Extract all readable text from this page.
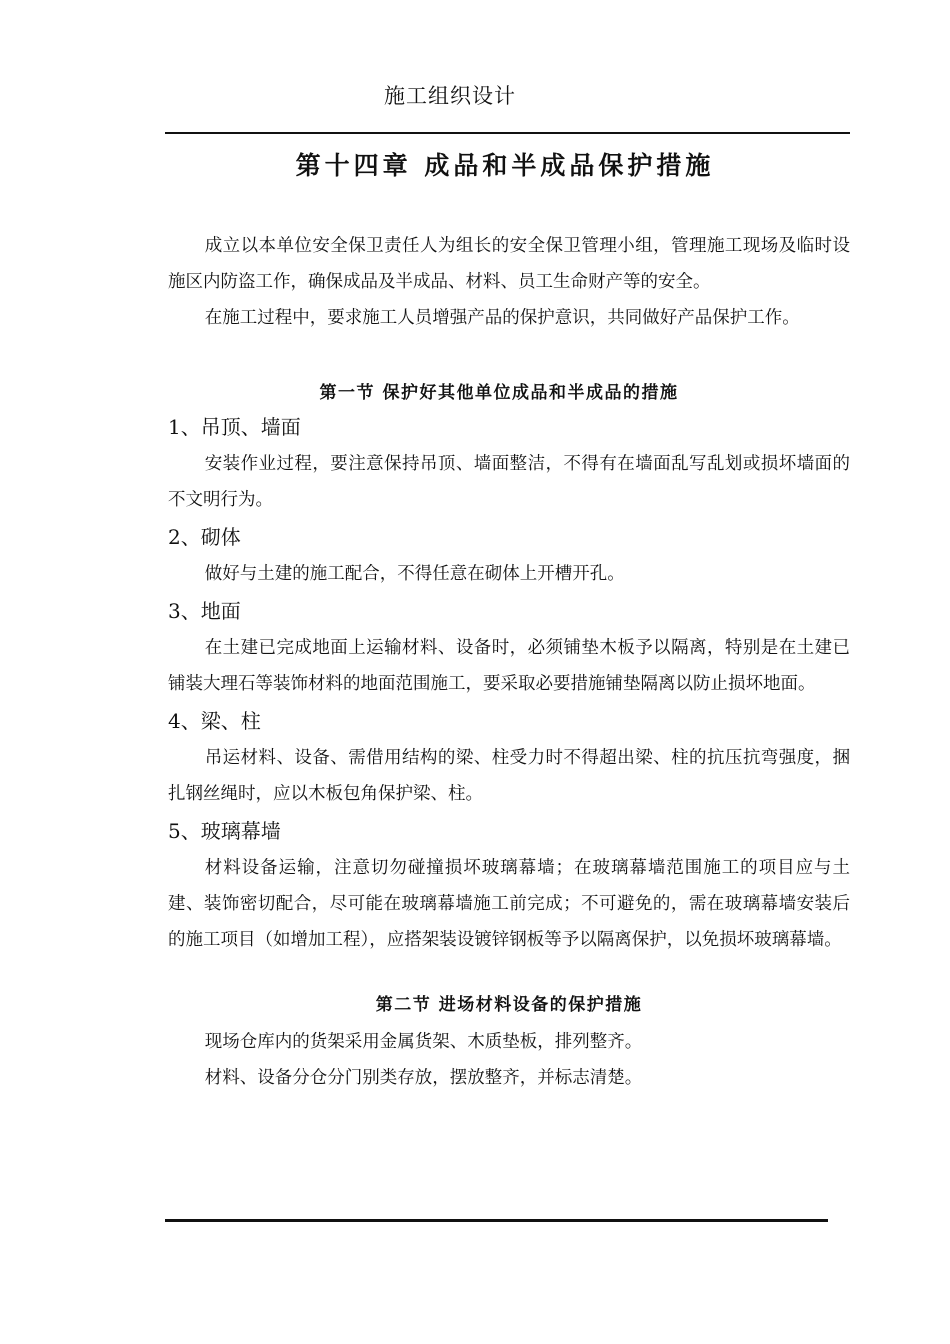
施工组织设计
第十四章 成品和半成品保护措施

成立以本单位安全保卫责任人为组长的安全保卫管理小组，管理施工现场及临时设施区内防盗工作，确保成品及半成品、材料、员工生命财产等的安全。

在施工过程中，要求施工人员增强产品的保护意识，共同做好产品保护工作。

第一节 保护好其他单位成品和半成品的措施

1、吊顶、墙面

安装作业过程，要注意保持吊顶、墙面整洁，不得有在墙面乱写乱划或损坏墙面的不文明行为。

2、砌体

做好与土建的施工配合，不得任意在砌体上开槽开孔。

3、地面

在土建已完成地面上运输材料、设备时，必须铺垫木板予以隔离，特别是在土建已铺装大理石等装饰材料的地面范围施工，要采取必要措施铺垫隔离以防止损坏地面。

4、梁、柱

吊运材料、设备、需借用结构的梁、柱受力时不得超出梁、柱的抗压抗弯强度，捆扎钢丝绳时，应以木板包角保护梁、柱。

5、玻璃幕墙

材料设备运输，注意切勿碰撞损坏玻璃幕墙；在玻璃幕墙范围施工的项目应与土建、装饰密切配合，尽可能在玻璃幕墙施工前完成；不可避免的，需在玻璃幕墙安装后的施工项目（如增加工程），应搭架装设镀锌钢板等予以隔离保护，以免损坏玻璃幕墙。

第二节 进场材料设备的保护措施

现场仓库内的货架采用金属货架、木质垫板，排列整齐。

材料、设备分仓分门别类存放，摆放整齐，并标志清楚。
